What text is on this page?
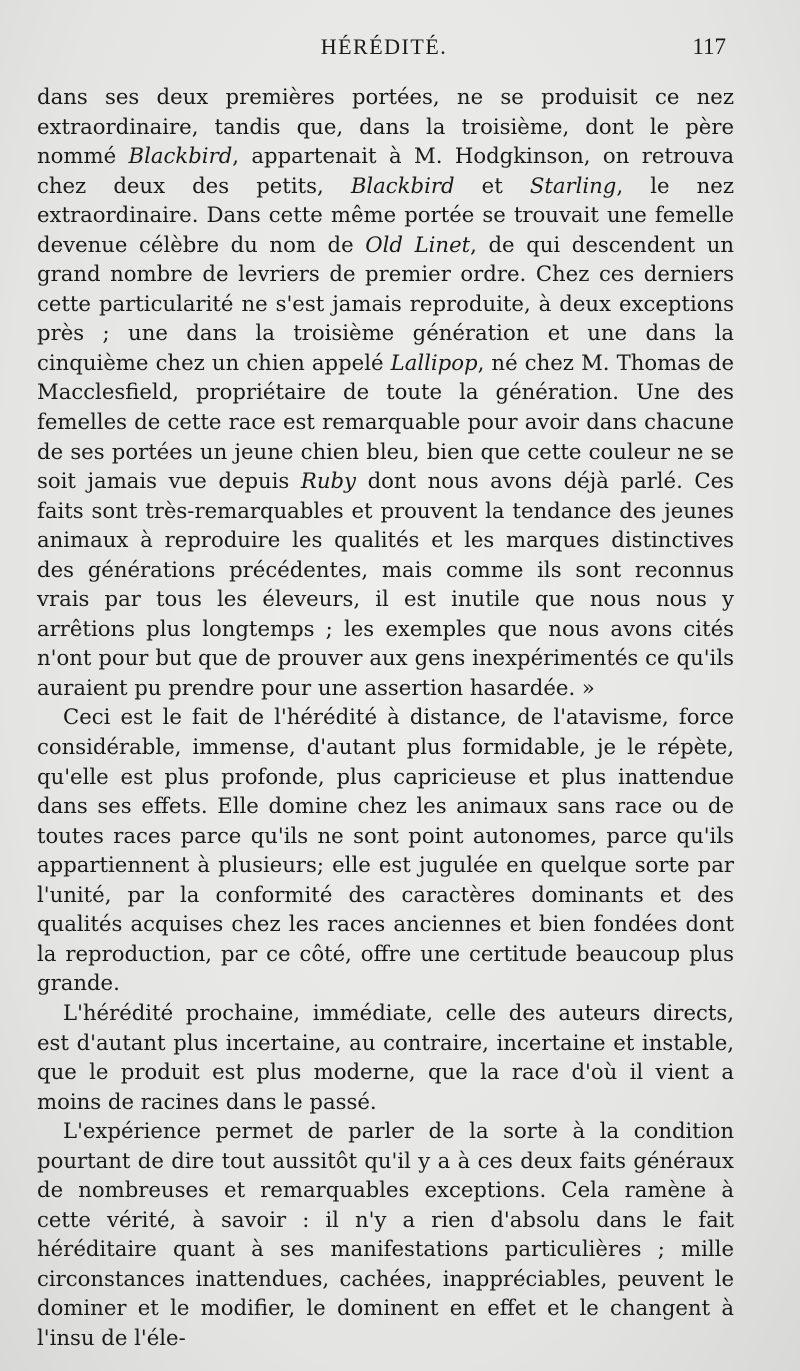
HÉRÉDITÉ.	117

dans ses deux premières portées, ne se produisit ce nez extraordinaire, tandis que, dans la troisième, dont le père nommé Blackbird, appartenait à M. Hodgkinson, on retrouva chez deux des petits, Blackbird et Starling, le nez extraordinaire. Dans cette même portée se trouvait une femelle devenue célèbre du nom de Old Linet, de qui descendent un grand nombre de levriers de premier ordre. Chez ces derniers cette particularité ne s'est jamais reproduite, à deux exceptions près ; une dans la troisième génération et une dans la cinquième chez un chien appelé Lallipop, né chez M. Thomas de Macclesfield, propriétaire de toute la génération. Une des femelles de cette race est remarquable pour avoir dans chacune de ses portées un jeune chien bleu, bien que cette couleur ne se soit jamais vue depuis Ruby dont nous avons déjà parlé. Ces faits sont très-remarquables et prouvent la tendance des jeunes animaux à reproduire les qualités et les marques distinctives des générations précédentes, mais comme ils sont reconnus vrais par tous les éleveurs, il est inutile que nous nous y arrêtions plus longtemps ; les exemples que nous avons cités n'ont pour but que de prouver aux gens inexpérimentés ce qu'ils auraient pu prendre pour une assertion hasardée. »

Ceci est le fait de l'hérédité à distance, de l'atavisme, force considérable, immense, d'autant plus formidable, je le répète, qu'elle est plus profonde, plus capricieuse et plus inattendue dans ses effets. Elle domine chez les animaux sans race ou de toutes races parce qu'ils ne sont point autonomes, parce qu'ils appartiennent à plusieurs; elle est jugulée en quelque sorte par l'unité, par la conformité des caractères dominants et des qualités acquises chez les races anciennes et bien fondées dont la reproduction, par ce côté, offre une certitude beaucoup plus grande.

L'hérédité prochaine, immédiate, celle des auteurs directs, est d'autant plus incertaine, au contraire, incertaine et instable, que le produit est plus moderne, que la race d'où il vient a moins de racines dans le passé.

L'expérience permet de parler de la sorte à la condition pourtant de dire tout aussitôt qu'il y a à ces deux faits généraux de nombreuses et remarquables exceptions. Cela ramène à cette vérité, à savoir : il n'y a rien d'absolu dans le fait héréditaire quant à ses manifestations particulières ; mille circonstances inattendues, cachées, inappréciables, peuvent le dominer et le modifier, le dominent en effet et le changent à l'insu de l'éle-
